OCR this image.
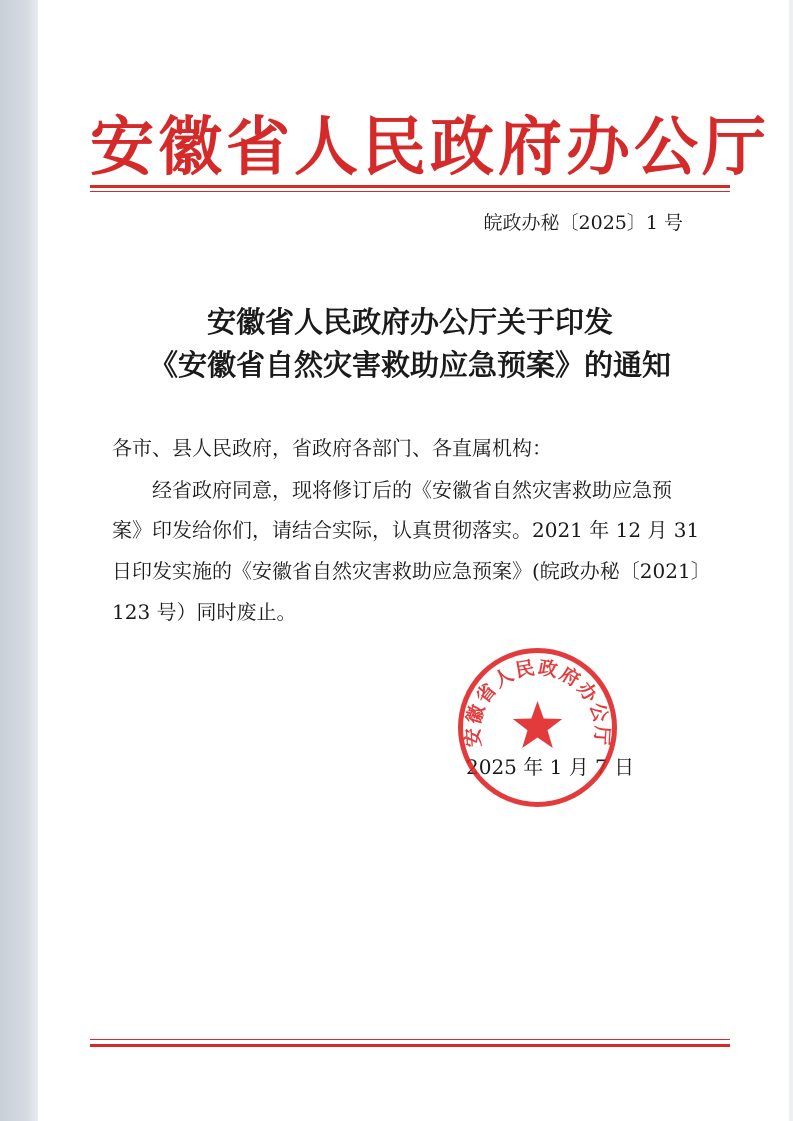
安徽省人民政府办公厅
皖政办秘〔2025〕1 号
安徽省人民政府办公厅关于印发
《安徽省自然灾害救助应急预案》的通知
各市、县人民政府，省政府各部门、各直属机构：
经省政府同意，现将修订后的《安徽省自然灾害救助应急预
案》印发给你们，请结合实际，认真贯彻落实。2021 年 12 月 31
日印发实施的《安徽省自然灾害救助应急预案》(皖政办秘〔2021〕
123 号）同时废止。
2025 年 1 月 7 日
安徽省人民政府办公厅
